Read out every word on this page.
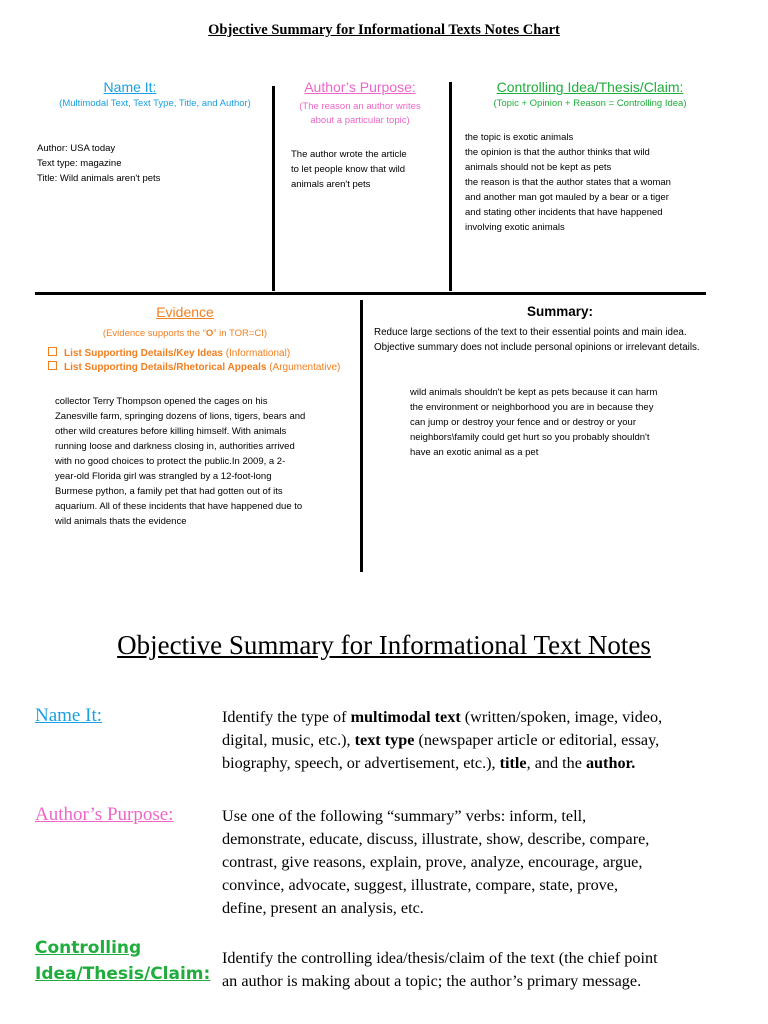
Objective Summary for Informational Texts Notes Chart
Name It:
(Multimodal Text, Text Type, Title, and Author)
Author: USA today
Text type: magazine
Title: Wild animals aren't pets
Author’s Purpose:
(The reason an author writes
about a particular topic)
The author wrote the article
to let people know that wild
animals aren't pets
Controlling Idea/Thesis/Claim:
(Topic + Opinion + Reason = Controlling Idea)
the topic is exotic animals
the opinion is that the author thinks that wild
animals should not be kept as pets
the reason is that the author states that a woman
and another man got mauled by a bear or a tiger
and stating other incidents that have happened
involving exotic animals
Evidence
(Evidence supports the “O” in TOR=CI)
List Supporting Details/Key Ideas (Informational)
List Supporting Details/Rhetorical Appeals (Argumentative)
collector Terry Thompson opened the cages on his
Zanesville farm, springing dozens of lions, tigers, bears and
other wild creatures before killing himself. With animals
running loose and darkness closing in, authorities arrived
with no good choices to protect the public.In 2009, a 2-
year-old Florida girl was strangled by a 12-foot-long
Burmese python, a family pet that had gotten out of its
aquarium. All of these incidents that have happened due to
wild animals thats the evidence
Summary:
Reduce large sections of the text to their essential points and main idea.
Objective summary does not include personal opinions or irrelevant details.
wild animals shouldn't be kept as pets because it can harm
the environment or neighborhood you are in because they
can jump or destroy your fence and or destroy or your
neighbors\family could get hurt so you probably shouldn't
have an exotic animal as a pet
Objective Summary for Informational Text Notes
Name It:	Identify the type of multimodal text (written/spoken, image, video,
digital, music, etc.), text type (newspaper article or editorial, essay,
biography, speech, or advertisement, etc.), title, and the author.
Author’s Purpose:	Use one of the following “summary” verbs: inform, tell,
demonstrate, educate, discuss, illustrate, show, describe, compare,
contrast, give reasons, explain, prove, analyze, encourage, argue,
convince, advocate, suggest, illustrate, compare, state, prove,
define, present an analysis, etc.
Controlling
Idea/Thesis/Claim:
Identify the controlling idea/thesis/claim of the text (the chief point
an author is making about a topic; the author’s primary message.
